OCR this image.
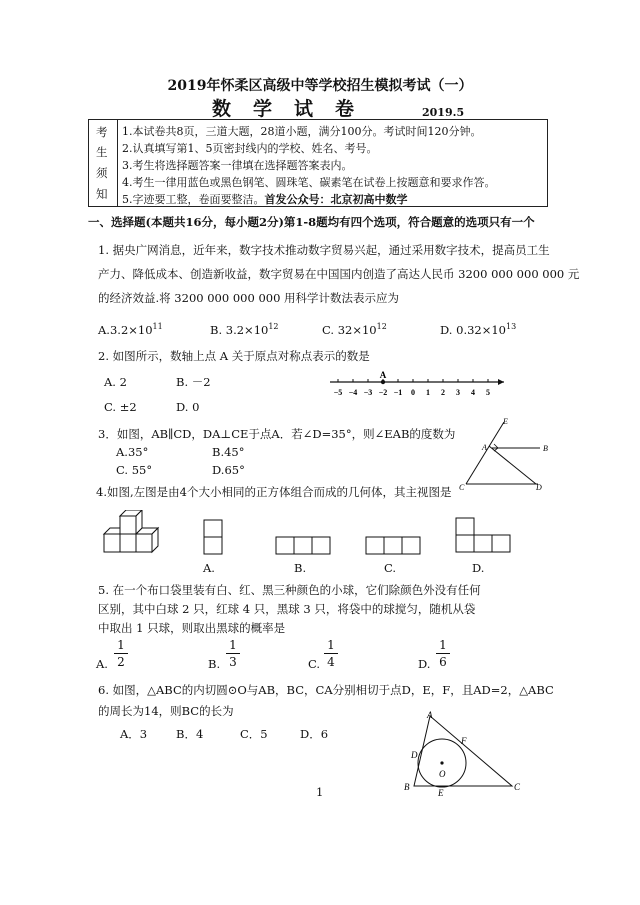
2019年怀柔区高级中等学校招生模拟考试（一）
数学试卷	2019.5
考
生
须
知
1.本试卷共8页，三道大题，28道小题，满分100分。考试时间120分钟。
2.认真填写第1、5页密封线内的学校、姓名、考号。
3.考生将选择题答案一律填在选择题答案表内。
4.考生一律用蓝色或黑色钢笔、圆珠笔、碳素笔在试卷上按题意和要求作答。
5.字迹要工整，卷面要整洁。首发公众号：北京初高中数学
一、选择题(本题共16分，每小题2分)第1-8题均有四个选项，符合题意的选项只有一个
1. 据央广网消息，近年来，数字技术推动数字贸易兴起，通过采用数字技术，提高员工生
产力、降低成本、创造新收益，数字贸易在中国国内创造了高达人民币 3200 000 000 000 元
的经济效益.将 3200 000 000 000 用科学计数法表示应为
$A.3.2\times 10^{11}$	B. $3.2\times 10^{12}$	C. $32\times 10^{12}$	D. $0.32\times 10^{13}$
2. 如图所示，数轴上点 A 关于原点对称点表示的数是
A. 2	B. －2
C. ±2	D. 0
−5 −4 −3 −2 −1 0 1 2 3 4 5
A
3．如图，AB∥CD，DA⊥CE于点A．若∠D=35°，则∠EAB的度数为
A.35°	B.45°
C. 55°	D.65°
E
A	B
C	D
4.如图,左图是由4个大小相同的正方体组合而成的几何体，其主视图是
A.	B.	C.	D.
5. 在一个布口袋里装有白、红、黑三种颜色的小球，它们除颜色外没有任何
区别，其中白球 2 只，红球 4 只，黑球 3 只，将袋中的球搅匀，随机从袋
中取出 1 只球，则取出黑球的概率是
A.
1
2	B.
1
3	C.
1
4	D.
1
6
6. 如图，△ABC的内切圆⊙O与AB，BC，CA分别相切于点D，E，F，且AD=2，△ABC
的周长为14，则BC的长为
A．3	B．4	C．5	D．6
A
F
D
O
B
E
C
1
